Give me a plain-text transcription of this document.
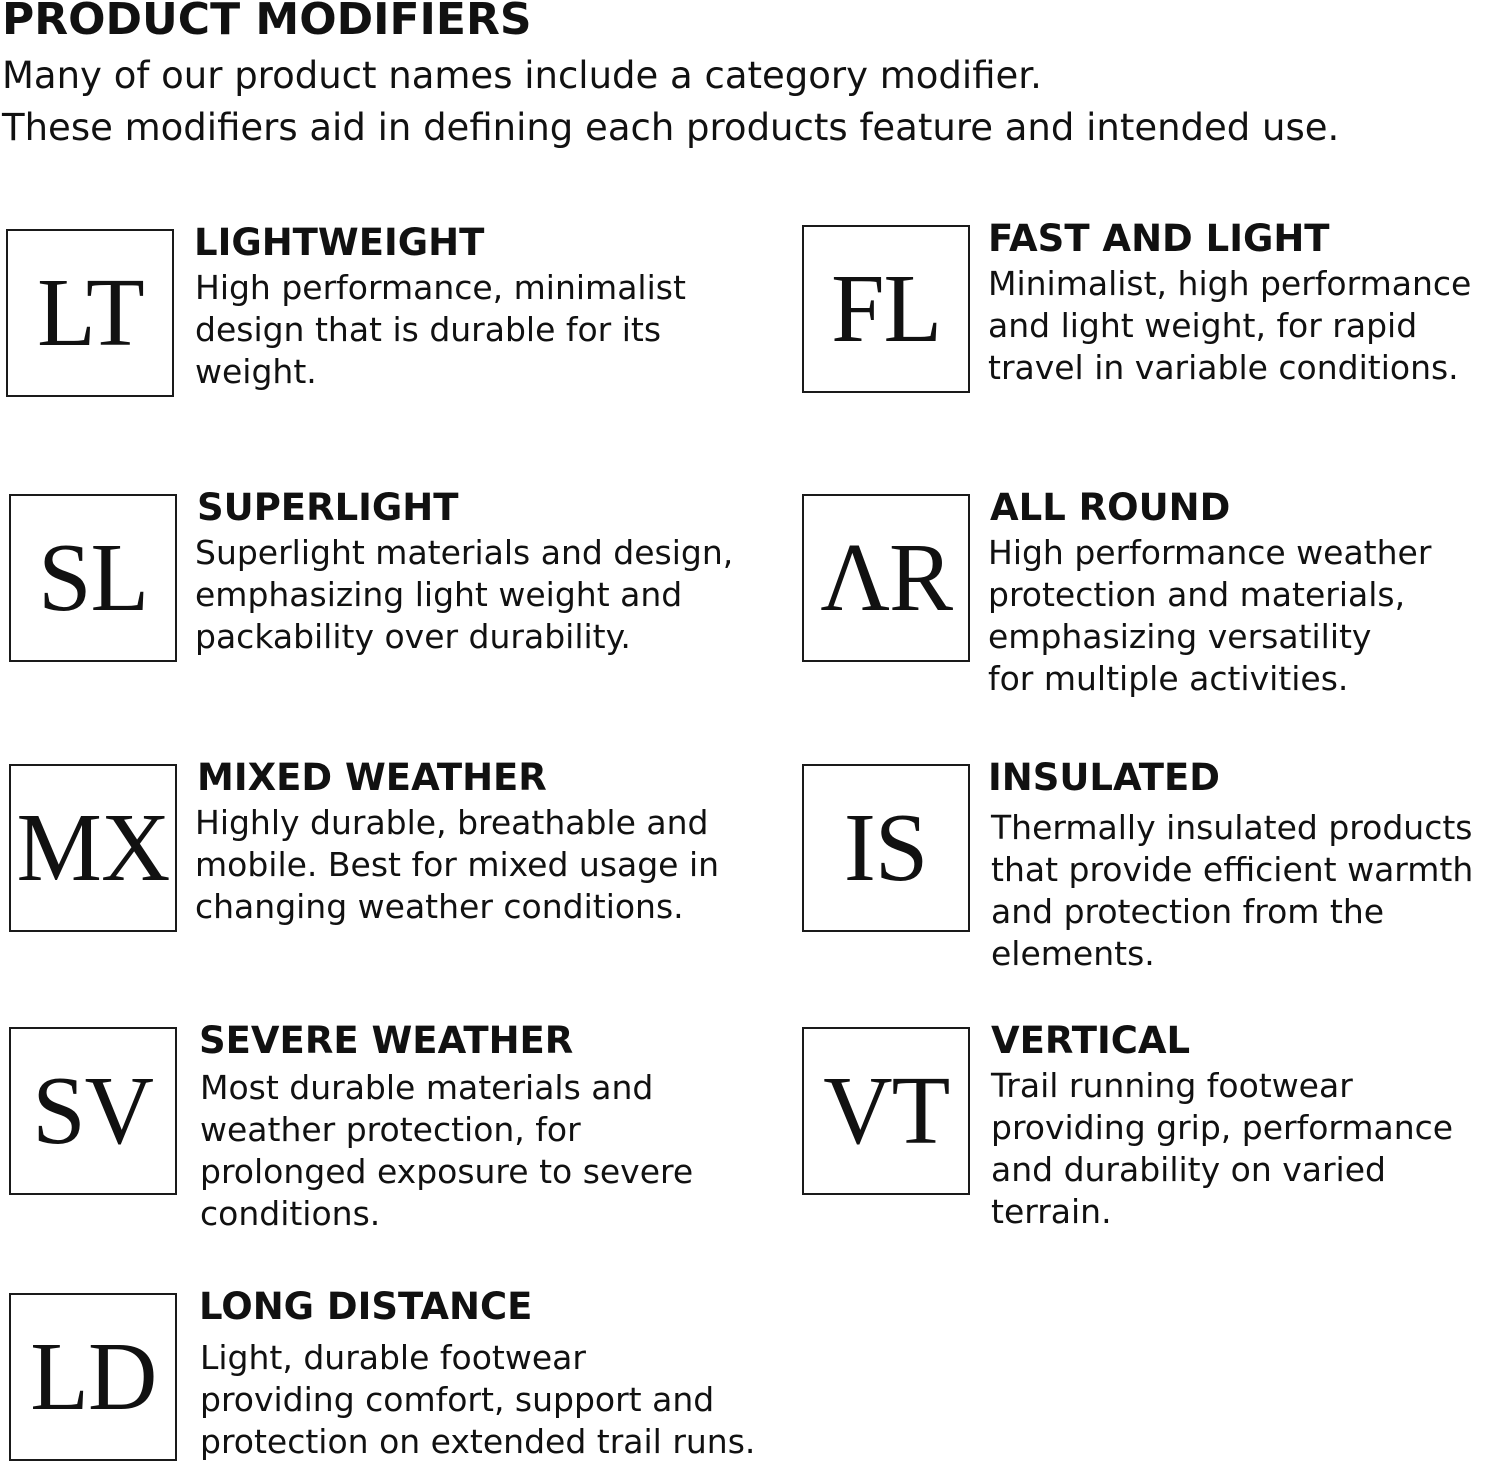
PRODUCT MODIFIERS

Many of our product names include a category modifier.

These modifiers aid in defining each products feature and intended use.

LT
LIGHTWEIGHT

High performance, minimalist
design that is durable for its
weight.

FL
FAST AND LIGHT

Minimalist, high performance
and light weight, for rapid
travel in variable conditions.

SL
SUPERLIGHT

Superlight materials and design,
emphasizing light weight and
packability over durability.

ΛR
ALL ROUND

High performance weather
protection and materials,
emphasizing versatility
for multiple activities.

MX
MIXED WEATHER

Highly durable, breathable and
mobile. Best for mixed usage in
changing weather conditions.

IS
INSULATED

Thermally insulated products
that provide efficient warmth
and protection from the
elements.

SV
SEVERE WEATHER

Most durable materials and
weather protection, for
prolonged exposure to severe
conditions.

VT
VERTICAL

Trail running footwear
providing grip, performance
and durability on varied
terrain.

LD
LONG DISTANCE

Light, durable footwear
providing comfort, support and
protection on extended trail runs.
